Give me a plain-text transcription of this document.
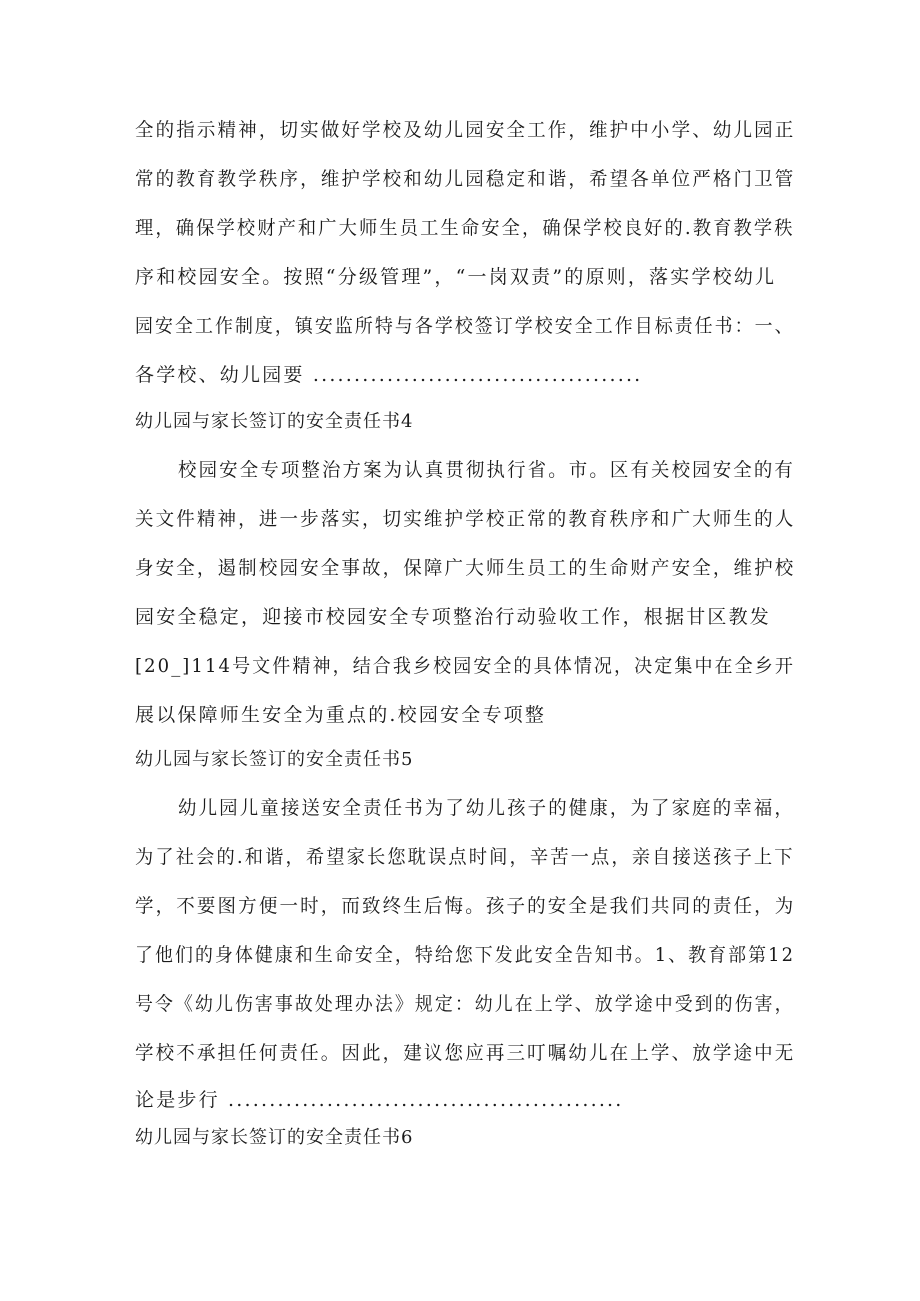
全的指示精神，切实做好学校及幼儿园安全工作，维护中小学、幼儿园正
常的教育教学秩序，维护学校和幼儿园稳定和谐，希望各单位严格门卫管
理，确保学校财产和广大师生员工生命安全，确保学校良好的.教育教学秩
序和校园安全。按照“分级管理”，“一岗双责”的原则，落实学校幼儿
园安全工作制度，镇安监所特与各学校签订学校安全工作目标责任书：一、
各学校、幼儿园要 ........................................
幼儿园与家长签订的安全责任书4
校园安全专项整治方案为认真贯彻执行省。市。区有关校园安全的有
关文件精神，进一步落实，切实维护学校正常的教育秩序和广大师生的人
身安全，遏制校园安全事故，保障广大师生员工的生命财产安全，维护校
园安全稳定，迎接市校园安全专项整治行动验收工作，根据甘区教发
[20_]114号文件精神，结合我乡校园安全的具体情况，决定集中在全乡开
展以保障师生安全为重点的.校园安全专项整
幼儿园与家长签订的安全责任书5
幼儿园儿童接送安全责任书为了幼儿孩子的健康，为了家庭的幸福，
为了社会的.和谐，希望家长您耽误点时间，辛苦一点，亲自接送孩子上下
学，不要图方便一时，而致终生后悔。孩子的安全是我们共同的责任，为
了他们的身体健康和生命安全，特给您下发此安全告知书。1、教育部第12
号令《幼儿伤害事故处理办法》规定：幼儿在上学、放学途中受到的伤害，
学校不承担任何责任。因此，建议您应再三叮嘱幼儿在上学、放学途中无
论是步行 ................................................
幼儿园与家长签订的安全责任书6
